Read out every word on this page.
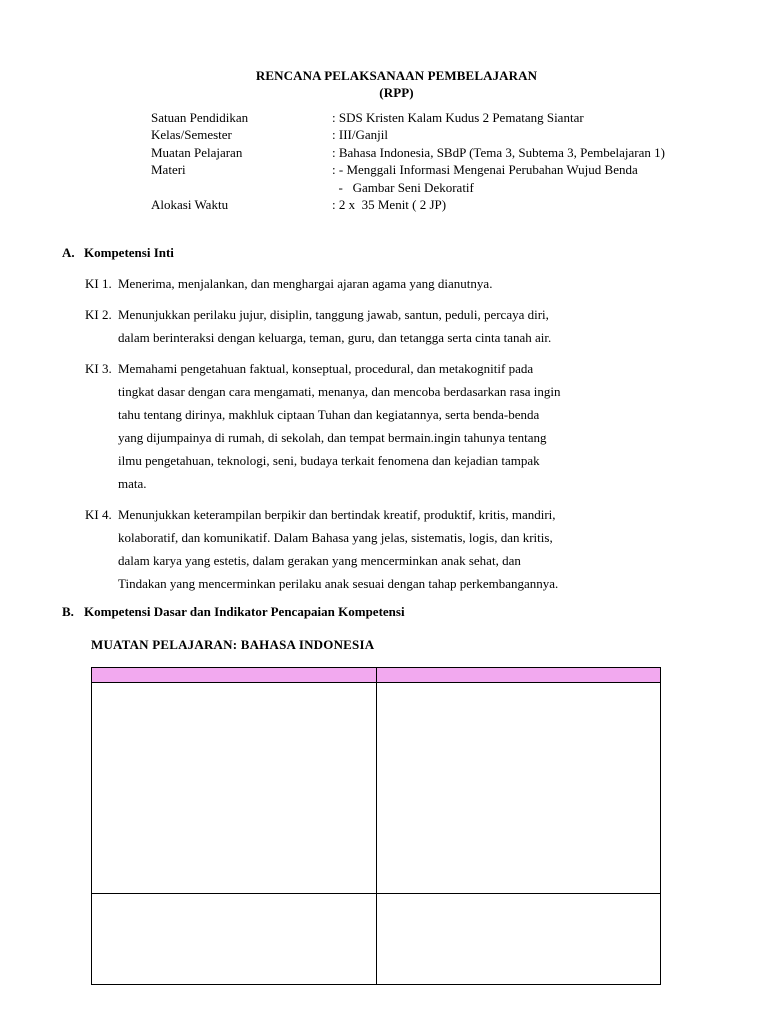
RENCANA PELAKSANAAN PEMBELAJARAN
(RPP)
Satuan Pendidikan	: SDS Kristen Kalam Kudus 2 Pematang Siantar
Kelas/Semester	: III/Ganjil
Muatan Pelajaran	: Bahasa Indonesia, SBdP (Tema 3, Subtema 3, Pembelajaran 1)
Materi	: - Menggali Informasi Mengenai Perubahan Wujud Benda
-   Gambar Seni Dekoratif
Alokasi Waktu	: 2 x  35 Menit ( 2 JP)
A. Kompetensi Inti
KI 1. Menerima, menjalankan, dan menghargai ajaran agama yang dianutnya.
KI 2. Menunjukkan perilaku jujur, disiplin, tanggung jawab, santun, peduli, percaya diri,
dalam berinteraksi dengan keluarga, teman, guru, dan tetangga serta cinta tanah air.
KI 3. Memahami pengetahuan faktual, konseptual, procedural, dan metakognitif pada
tingkat dasar dengan cara mengamati, menanya, dan mencoba berdasarkan rasa ingin
tahu tentang dirinya, makhluk ciptaan Tuhan dan kegiatannya, serta benda-benda
yang dijumpainya di rumah, di sekolah, dan tempat bermain.ingin tahunya tentang
ilmu pengetahuan, teknologi, seni, budaya terkait fenomena dan kejadian tampak
mata.
KI 4. Menunjukkan keterampilan berpikir dan bertindak kreatif, produktif, kritis, mandiri,
kolaboratif, dan komunikatif. Dalam Bahasa yang jelas, sistematis, logis, dan kritis,
dalam karya yang estetis, dalam gerakan yang mencerminkan anak sehat, dan
Tindakan yang mencerminkan perilaku anak sesuai dengan tahap perkembangannya.
B. Kompetensi Dasar dan Indikator Pencapaian Kompetensi
MUATAN PELAJARAN: BAHASA INDONESIA
